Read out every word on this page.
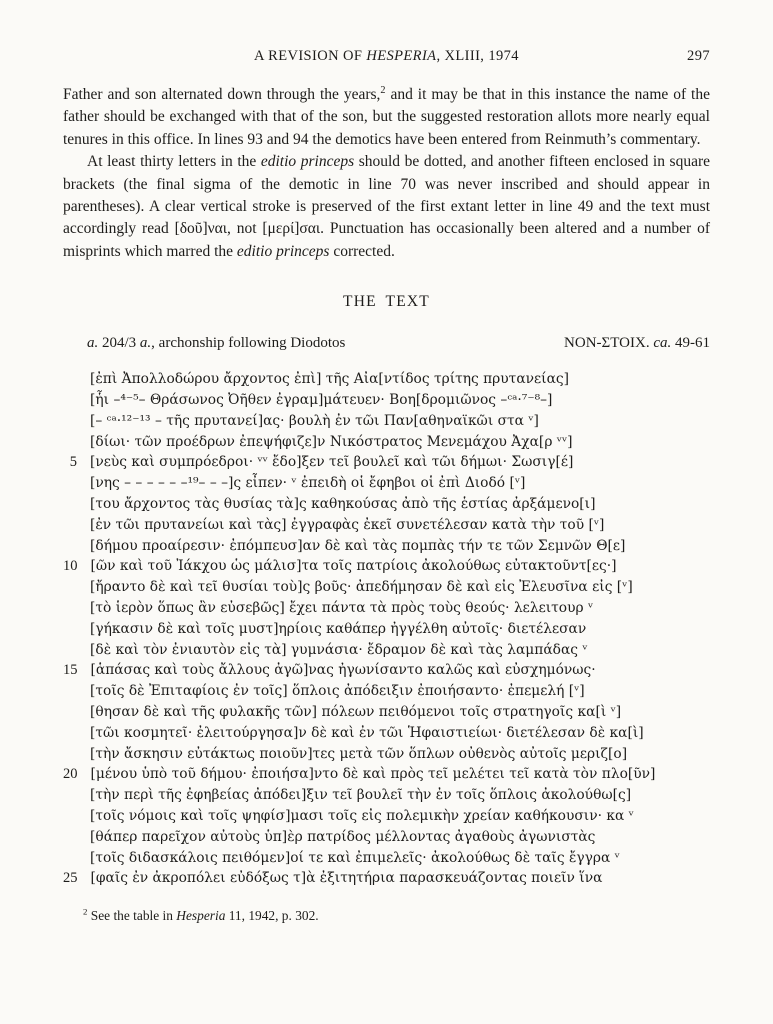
A REVISION OF HESPERIA, XLIII, 1974	297

Father and son alternated down through the years,$^2$ and it may be that in this instance the name of the father should be exchanged with that of the son, but the suggested restoration allots more nearly equal tenures in this office. In lines 93 and 94 the demotics have been entered from Reinmuth’s commentary.

At least thirty letters in the editio princeps should be dotted, and another fifteen enclosed in square brackets (the final sigma of the demotic in line 70 was never inscribed and should appear in parentheses). A clear vertical stroke is preserved of the first extant letter in line 49 and the text must accordingly read [δοῦ]ναι, not [μερί]σαι. Punctuation has occasionally been altered and a number of misprints which marred the editio princeps corrected.

THE TEXT
a. 204/3 a., archonship following Diodotos	NON-ΣΤΟΙΧ. ca. 49-61
[ἐπὶ Ἀπολλοδώρου ἄρχοντος ἐπὶ] τῆς Αἰα[ντίδος τρίτης πρυτανείας]
[ἧι –⁴⁻⁵– Θράσωνος Ὀῆθεν ἐγραμ]μάτευεν· Βοη[δρομιῶνος –ᶜᵃ·⁷⁻⁸–]
[– ᶜᵃ·¹²⁻¹³ – τῆς πρυτανεί]ας· βουλὴ ἐν τῶι Παν[αθηναϊκῶι στα ᵛ]
[δίωι· τῶν προέδρων ἐπεψήφιζε]ν Νικόστρατος Μενεμάχου Ἀχα[ρ ᵛᵛ]
5 [νεὺς καὶ συμπρόεδροι· ᵛᵛ ἔδο]ξεν τεῖ βουλεῖ καὶ τῶι δήμωι· Σωσιγ[έ]
[νης – – – – – –¹⁹– – –]ς εἶπεν· ᵛ ἐπειδὴ οἱ ἔφηβοι οἱ ἐπὶ Διοδό [ᵛ]
[του ἄρχοντος τὰς θυσίας τὰ]ς καθηκούσας ἀπὸ τῆς ἑστίας ἀρξάμενο[ι]
[ἐν τῶι πρυτανείωι καὶ τὰς] ἐγγραφὰς ἐκεῖ συνετέλεσαν κατὰ τὴν τοῦ [ᵛ]
[δήμου προαίρεσιν· ἐπόμπευσ]αν δὲ καὶ τὰς πομπὰς τήν τε τῶν Σεμνῶν Θ[ε]
10 [ῶν καὶ τοῦ Ἰάκχου ὡς μάλισ]τα τοῖς πατρίοις ἀκολούθως εὐτακτοῦντ[ες·]
[ἤραντο δὲ καὶ τεῖ θυσίαι τοὺ]ς βοῦς· ἀπεδήμησαν δὲ καὶ εἰς Ἐλευσῖνα εἰς [ᵛ]
[τὸ ἱερὸν ὅπως ἂν εὐσεβῶς] ἔχει πάντα τὰ πρὸς τοὺς θεούς· λελειτουρ ᵛ
[γήκασιν δὲ καὶ τοῖς μυστ]ηρίοις καθάπερ ἠγγέλθη αὐτοῖς· διετέλεσαν
[δὲ καὶ τὸν ἐνιαυτὸν εἰς τὰ] γυμνάσια· ἔδραμον δὲ καὶ τὰς λαμπάδας ᵛ
15 [ἁπάσας καὶ τοὺς ἄλλους ἀγῶ]νας ἠγωνίσαντο καλῶς καὶ εὐσχημόνως·
[τοῖς δὲ Ἐπιταφίοις ἐν τοῖς] ὅπλοις ἀπόδειξιν ἐποιήσαντο· ἐπεμελή [ᵛ]
[θησαν δὲ καὶ τῆς φυλακῆς τῶν] πόλεων πειθόμενοι τοῖς στρατηγοῖς κα[ὶ ᵛ]
[τῶι κοσμητεῖ· ἐλειτούργησα]ν δὲ καὶ ἐν τῶι Ἡφαιστιείωι· διετέλεσαν δὲ κα[ὶ]
[τὴν ἄσκησιν εὐτάκτως ποιοῦν]τες μετὰ τῶν ὅπλων οὐθενὸς αὐτοῖς μεριζ[ο]
20 [μένου ὑπὸ τοῦ δήμου· ἐποιήσα]ντο δὲ καὶ πρὸς τεῖ μελέτει τεῖ κατὰ τὸν πλο[ῦν]
[τὴν περὶ τῆς ἐφηβείας ἀπόδει]ξιν τεῖ βουλεῖ τὴν ἐν τοῖς ὅπλοις ἀκολούθω[ς]
[τοῖς νόμοις καὶ τοῖς ψηφίσ]μασι τοῖς εἰς πολεμικὴν χρείαν καθήκουσιν· κα ᵛ
[θάπερ παρεῖχον αὐτοὺς ὑπ]ὲρ πατρίδος μέλλοντας ἀγαθοὺς ἀγωνιστὰς
[τοῖς διδασκάλοις πειθόμεν]οί τε καὶ ἐπιμελεῖς· ἀκολούθως δὲ ταῖς ἔγγρα ᵛ
25 [φαῖς ἐν ἀκροπόλει εὐδόξως τ]ὰ ἐξιτητήρια παρασκευάζοντας ποιεῖν ἵνα

$^2$ See the table in Hesperia 11, 1942, p. 302.
